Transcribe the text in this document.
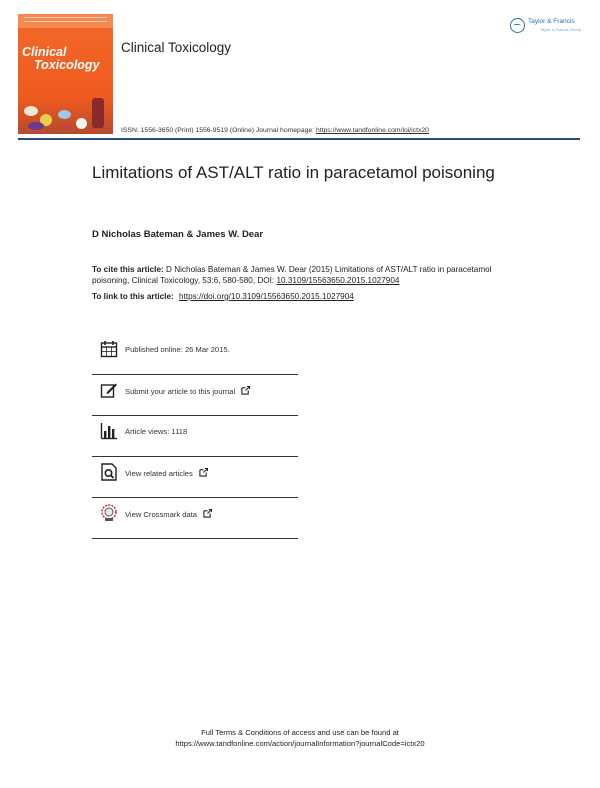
Clinical
Toxicology
Clinical Toxicology
Taylor & Francis
Taylor & Francis Group
ISSN: 1556-3650 (Print) 1556-9519 (Online) Journal homepage: https://www.tandfonline.com/loi/ictx20
Limitations of AST/ALT ratio in paracetamol poisoning
D Nicholas Bateman & James W. Dear
To cite this article: D Nicholas Bateman & James W. Dear (2015) Limitations of AST/ALT ratio in paracetamol poisoning, Clinical Toxicology, 53:6, 580-580, DOI: 10.3109/15563650.2015.1027904
To link to this article: https://doi.org/10.3109/15563650.2015.1027904
Published online: 26 Mar 2015.
Submit your article to this journal
Article views: 1118
View related articles
View Crossmark data
Full Terms & Conditions of access and use can be found at
https://www.tandfonline.com/action/journalInformation?journalCode=ictx20
